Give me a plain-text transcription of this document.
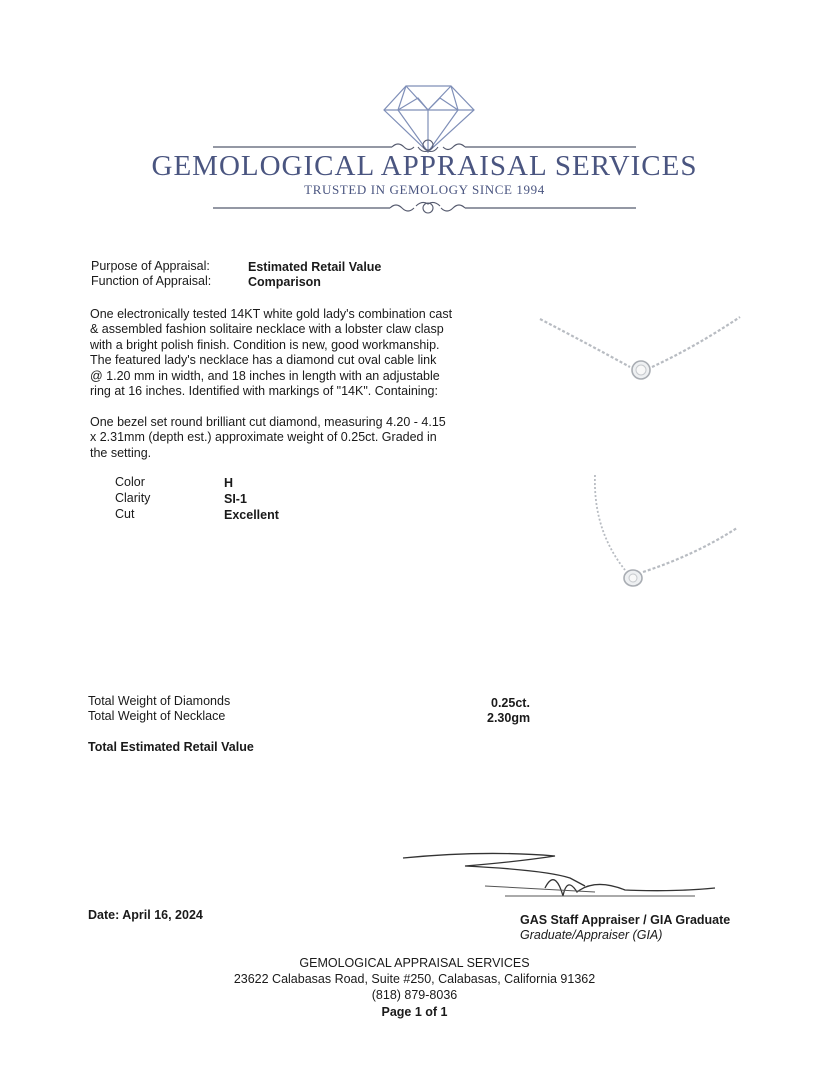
GEMOLOGICAL APPRAISAL SERVICES
TRUSTED IN GEMOLOGY SINCE 1994
Purpose of Appraisal:	Estimated Retail Value
Function of Appraisal:	Comparison
One electronically tested 14KT white gold lady's combination cast
& assembled fashion solitaire necklace with a lobster claw clasp
with a bright polish finish. Condition is new, good workmanship.
The featured lady's necklace has a diamond cut oval cable link
@ 1.20 mm in width, and 18 inches in length with an adjustable
ring at 16 inches. Identified with markings of "14K". Containing:
One bezel set round brilliant cut diamond, measuring 4.20 - 4.15
x 2.31mm (depth est.) approximate weight of 0.25ct. Graded in
the setting.
Color	H
Clarity	SI-1
Cut	Excellent
Total Weight of Diamonds	0.25ct.
Total Weight of Necklace	2.30gm
Total Estimated Retail Value
Date: April 16, 2024	GAS Staff Appraiser / GIA Graduate
Graduate/Appraiser (GIA)
GEMOLOGICAL APPRAISAL SERVICES
23622 Calabasas Road, Suite #250, Calabasas, California 91362
(818) 879-8036
Page 1 of 1
